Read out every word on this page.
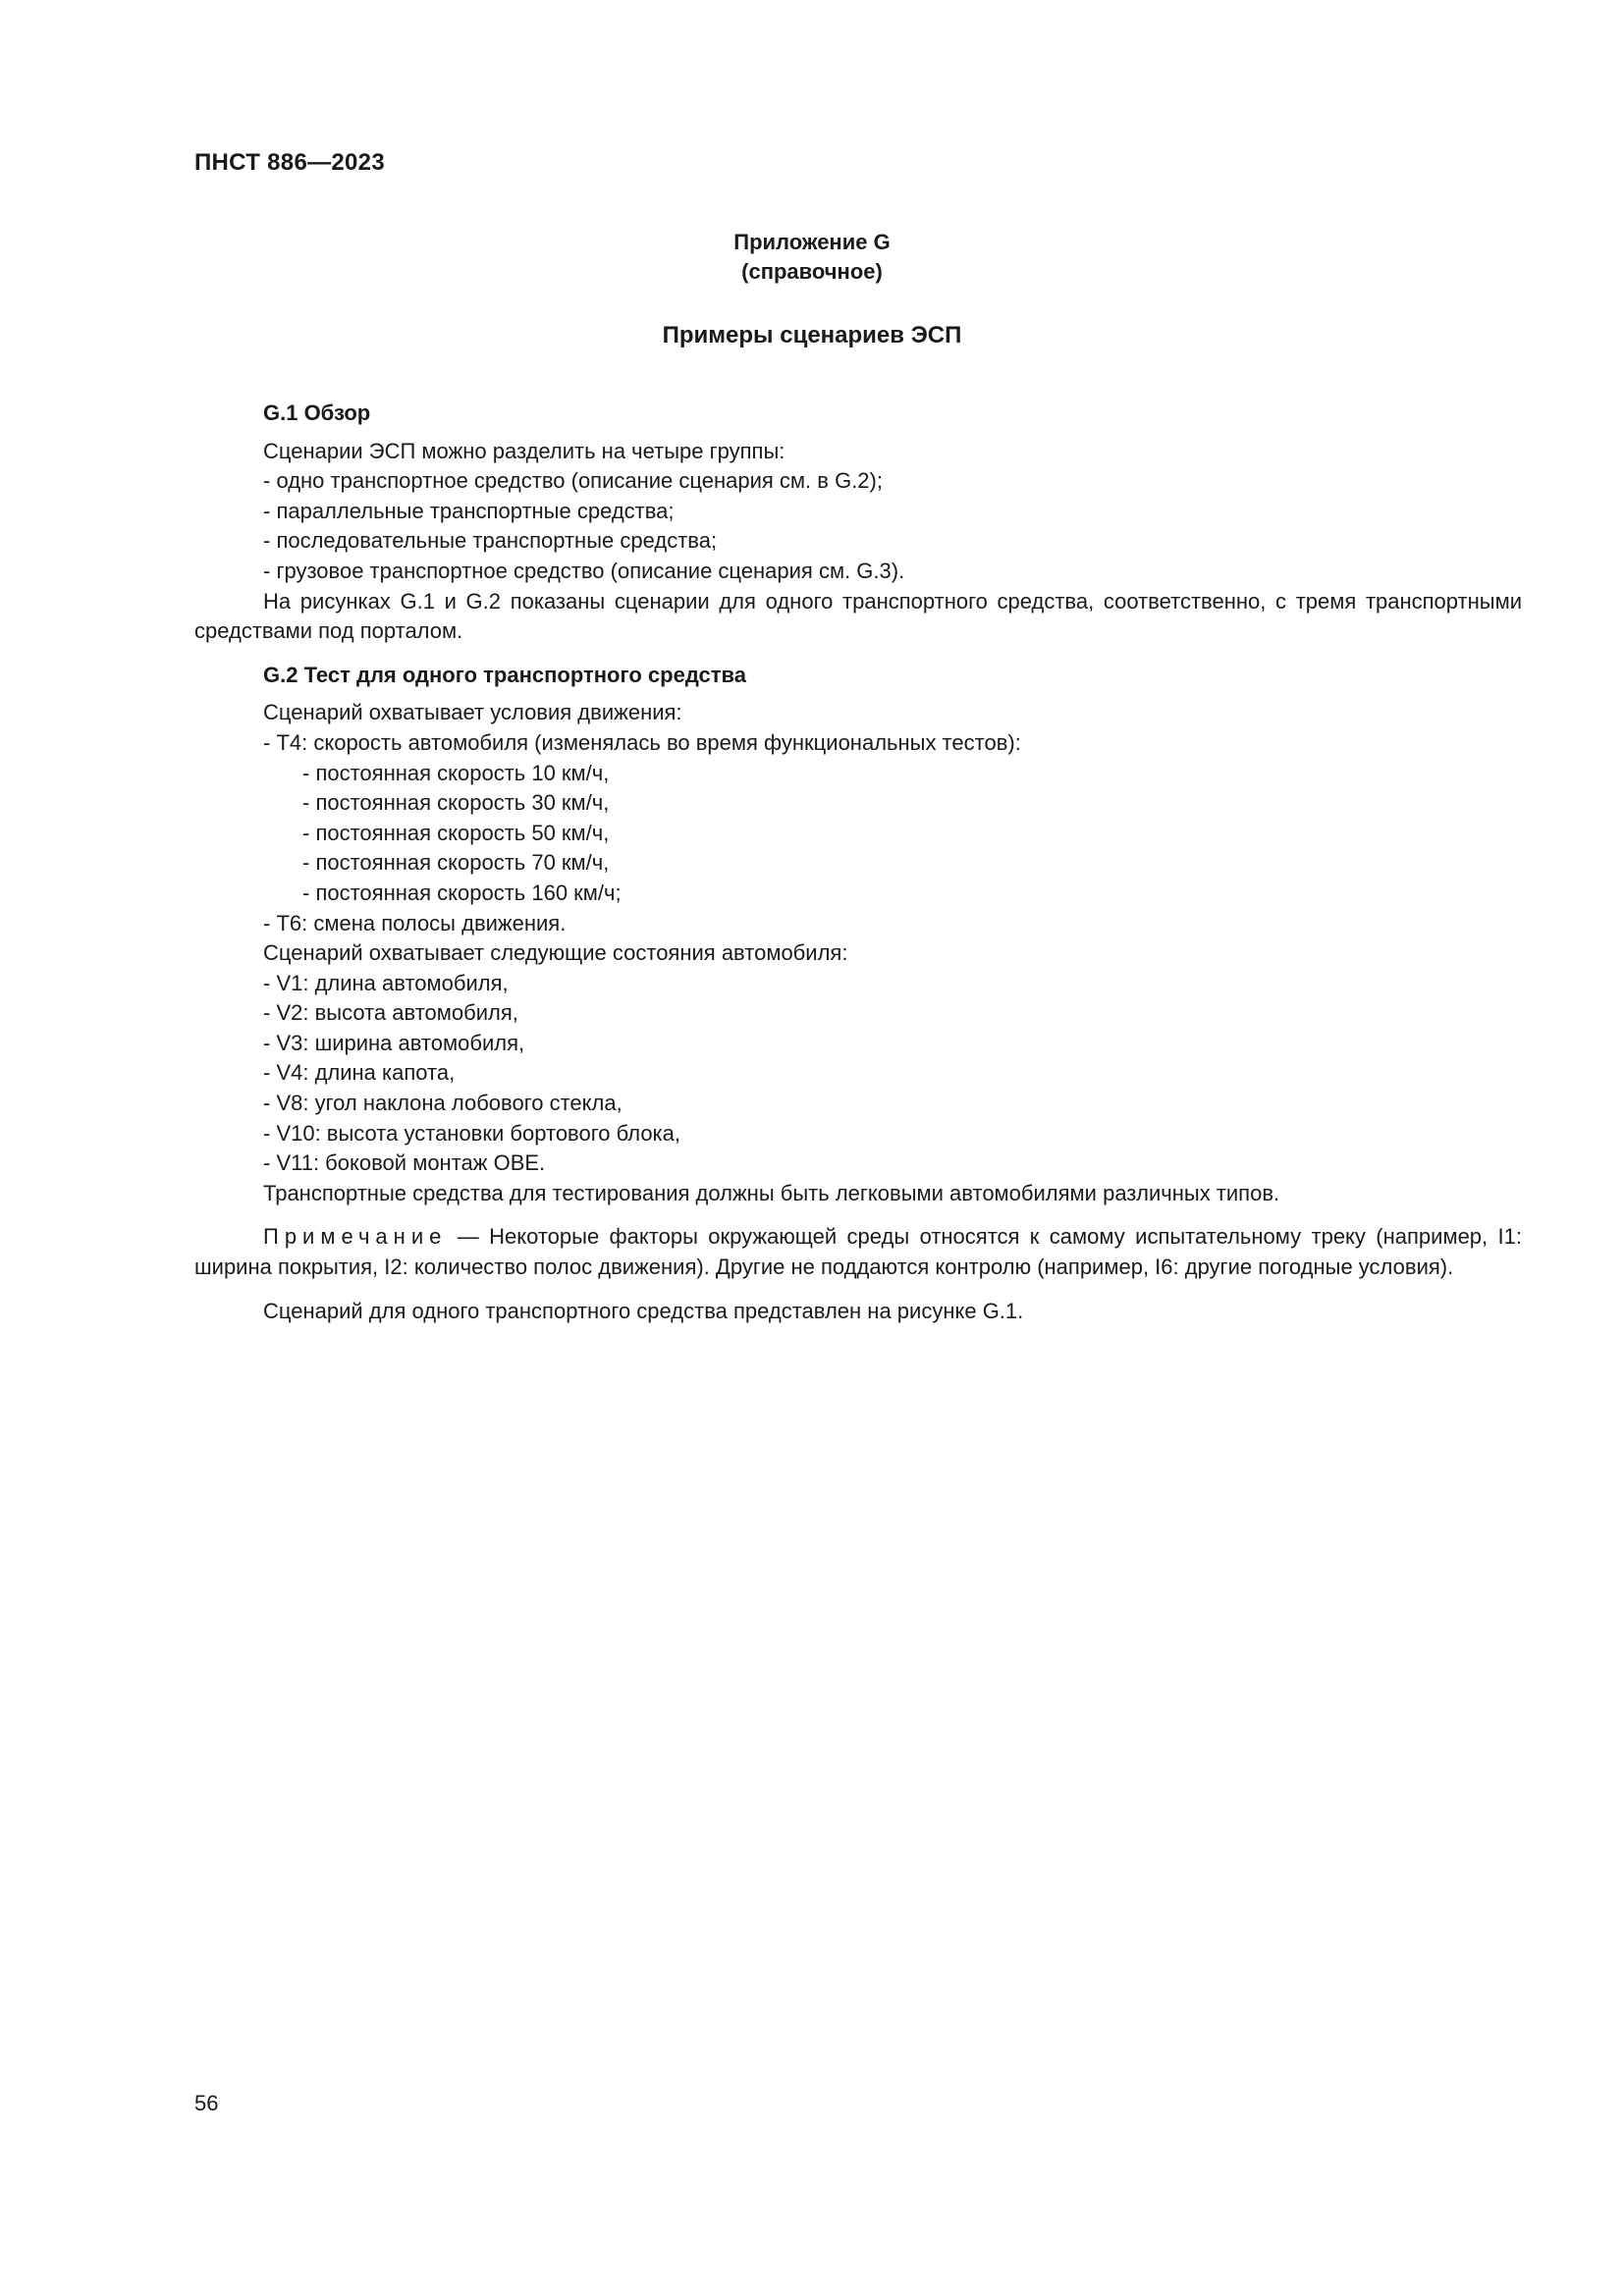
ПНСТ 886—2023
Приложение G
(справочное)
Примеры сценариев ЭСП
G.1 Обзор
Сценарии ЭСП можно разделить на четыре группы:
- одно транспортное средство (описание сценария см. в G.2);
- параллельные транспортные средства;
- последовательные транспортные средства;
- грузовое транспортное средство (описание сценария см. G.3).
На рисунках G.1 и G.2 показаны сценарии для одного транспортного средства, соответственно, с тремя транспортными средствами под порталом.
G.2 Тест для одного транспортного средства
Сценарий охватывает условия движения:
- Т4: скорость автомобиля (изменялась во время функциональных тестов):
- постоянная скорость 10 км/ч,
- постоянная скорость 30 км/ч,
- постоянная скорость 50 км/ч,
- постоянная скорость 70 км/ч,
- постоянная скорость 160 км/ч;
- Т6: смена полосы движения.
Сценарий охватывает следующие состояния автомобиля:
- V1: длина автомобиля,
- V2: высота автомобиля,
- V3: ширина автомобиля,
- V4: длина капота,
- V8: угол наклона лобового стекла,
- V10: высота установки бортового блока,
- V11: боковой монтаж OBE.
Транспортные средства для тестирования должны быть легковыми автомобилями различных типов.
Примечание — Некоторые факторы окружающей среды относятся к самому испытательному треку (например, I1: ширина покрытия, I2: количество полос движения). Другие не поддаются контролю (например, I6: другие погодные условия).
Сценарий для одного транспортного средства представлен на рисунке G.1.
56
